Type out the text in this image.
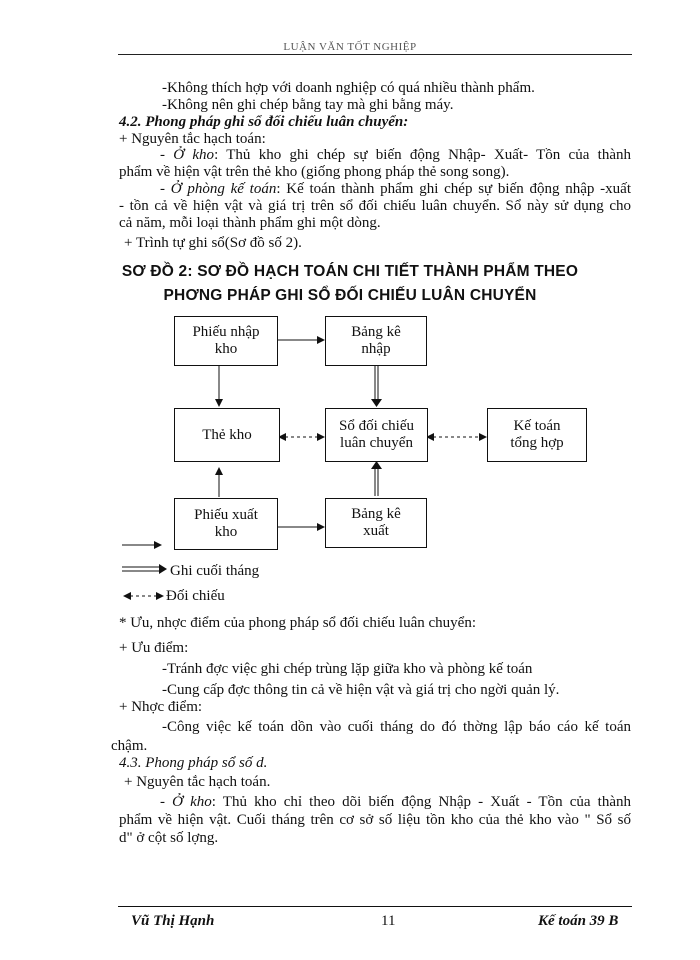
LUẬN VĂN TỐT NGHIỆP
-Không thích hợp với doanh nghiệp có quá nhiều thành phẩm.
-Không nên ghi chép bằng tay mà ghi bằng máy.
4.2. Phong pháp ghi sổ đối chiếu luân chuyển:
+ Nguyên tắc hạch toán:
- Ở kho: Thủ kho ghi chép sự biến động Nhập- Xuất- Tồn của thành
phẩm về hiện vật trên thẻ kho (giống phong pháp thẻ song song).
- Ở phòng kế toán: Kế toán thành phẩm ghi chép sự biến động nhập -xuất
- tồn cả về hiện vật và giá trị trên sổ đối chiếu luân chuyển. Sổ này sử dụng cho
cả năm, mỗi loại thành phẩm ghi một dòng.
+ Trình tự ghi sổ(Sơ đồ số 2).
SƠ ĐỒ 2: SƠ ĐỒ HẠCH TOÁN CHI TIẾT THÀNH PHẨM THEO
PHƠNG PHÁP GHI SỔ ĐỐI CHIẾU LUÂN CHUYỂN
Phiếu nhập
kho
Bảng kê
nhập
Thẻ kho
Sổ đối chiếu
luân chuyển
Kế toán
tổng hợp
Phiếu xuất
kho
Bảng kê
xuất
Ghi cuối tháng
Đối chiếu
* Ưu, nhợc điểm của phong pháp sổ đối chiếu luân chuyển:
+ Ưu điểm:
-Tránh đợc việc ghi chép trùng lặp giữa kho và phòng kế toán
-Cung cấp đợc thông tin cả về hiện vật và giá trị cho ngời quản lý.
+ Nhợc điểm:
-Công việc kế toán dồn vào cuối tháng do đó thờng lập báo cáo kế toán
chậm.
4.3. Phong pháp sổ số d.
+ Nguyên tắc hạch toán.
- Ở kho: Thủ kho chỉ theo dõi biến động Nhập - Xuất - Tồn của thành
phẩm về hiện vật. Cuối tháng trên cơ sở số liệu tồn kho của thẻ kho vào " Sổ số
d" ở cột số lợng.
Vũ Thị Hạnh	11	Kế toán 39 B
